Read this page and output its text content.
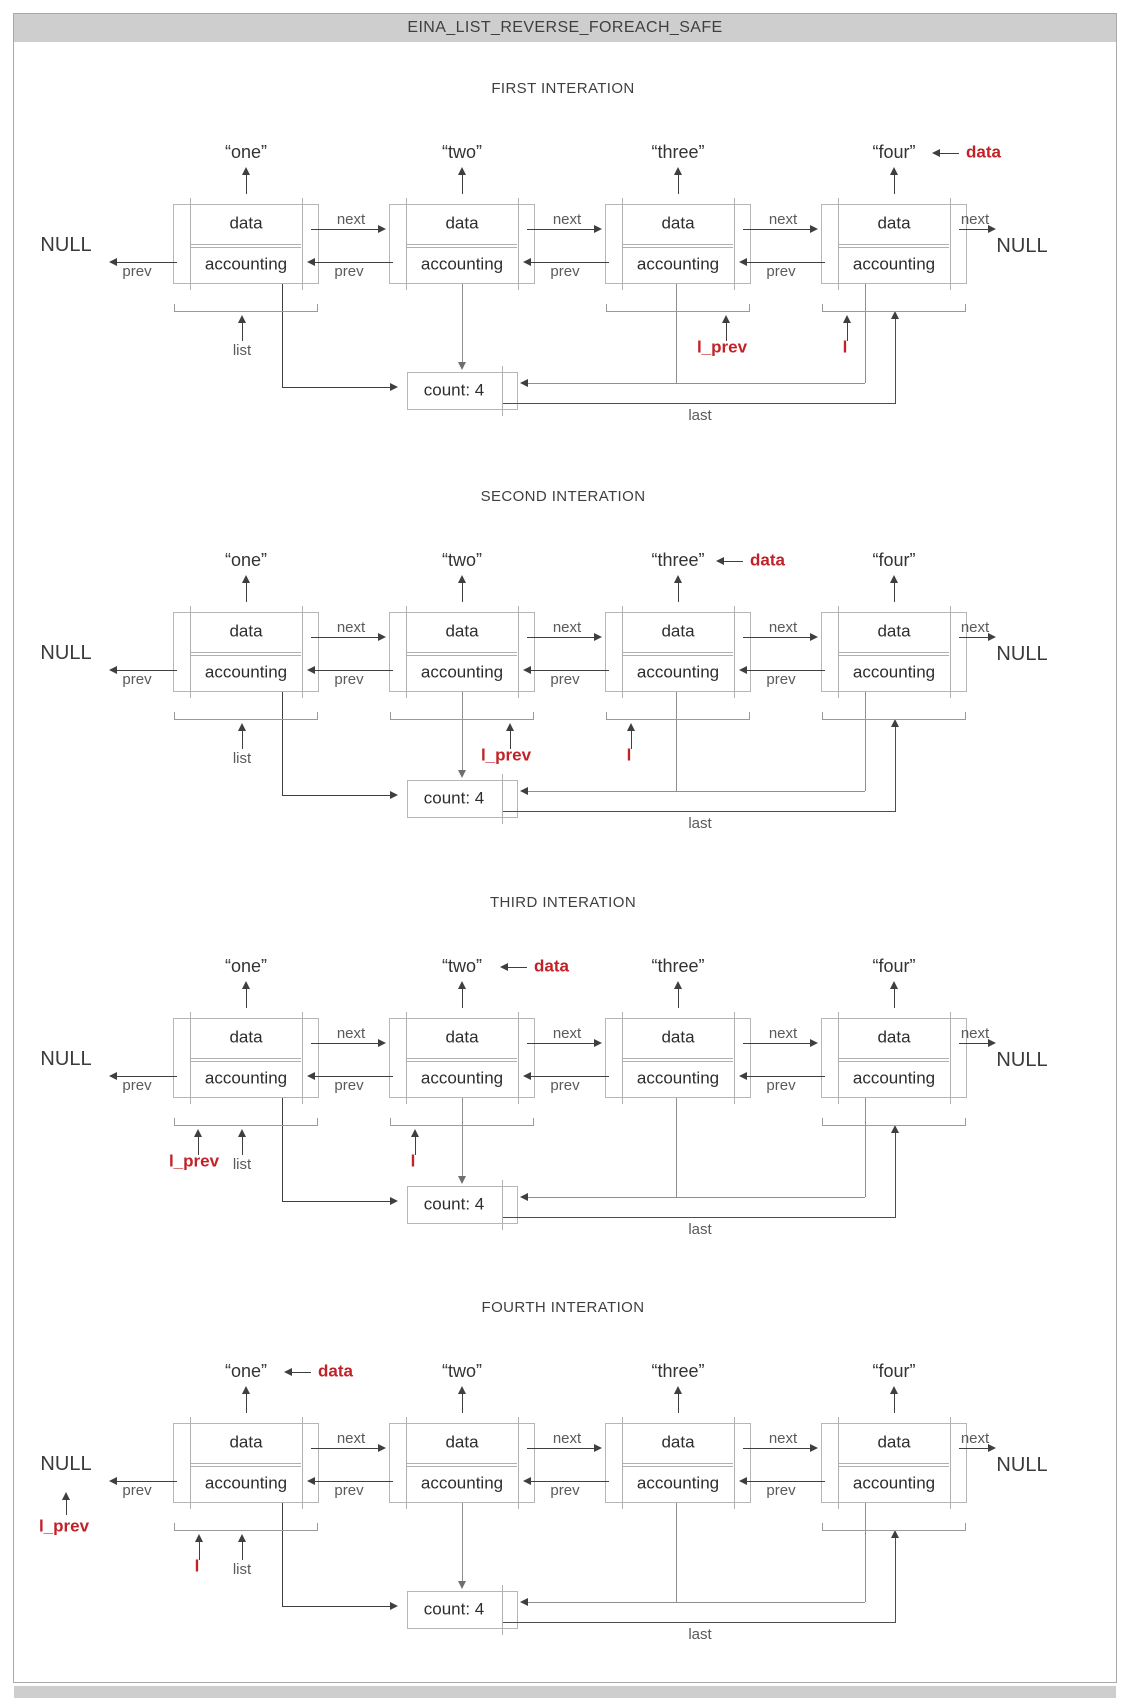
EINA_LIST_REVERSE_FOREACH_SAFE
FIRST INTERATION
data
accounting
“one”
data
accounting
“two”
data
accounting
“three”
data
accounting
“four”
next	next	next	next
prev	prev	prev
prev
NULL	NULL
count: 4
last
list	l
l_prev
data
SECOND INTERATION
data
accounting
“one”
data
accounting
“two”
data
accounting
“three”
data
accounting
“four”
next	next	next	next
prev	prev	prev
prev
NULL	NULL
count: 4
last
list	l
l_prev
data
THIRD INTERATION
data
accounting
“one”
data
accounting
“two”
data
accounting
“three”
data
accounting
“four”
next	next	next	next
prev	prev	prev
prev
NULL	NULL
count: 4
last
list	l
l_prev
data
FOURTH INTERATION
data
accounting
“one”
data
accounting
“two”
data
accounting
“three”
data
accounting
“four”
next	next	next	next
prev	prev	prev
prev
NULL	NULL
count: 4
last
list
l
l_prev
data
